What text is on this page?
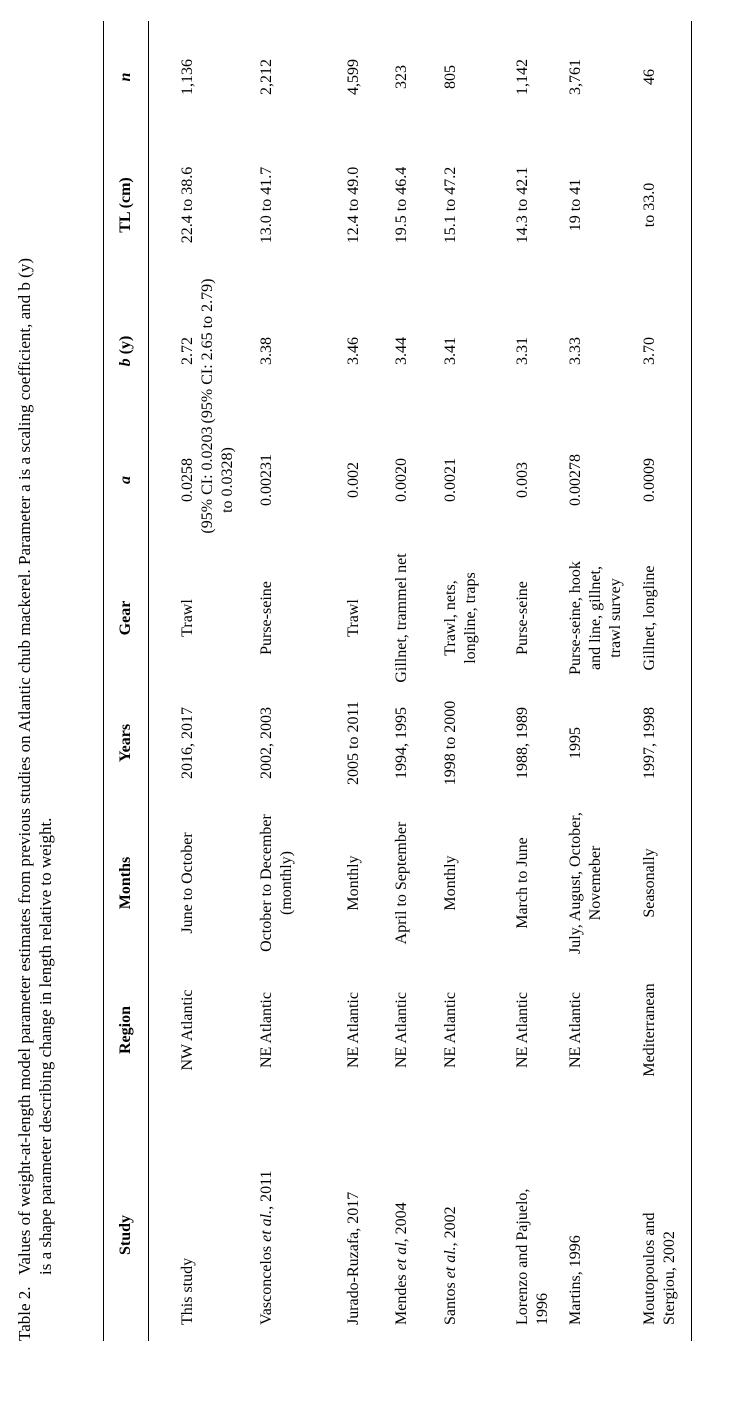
Table 2.Values of weight-at-length model parameter estimates from previous studies on Atlantic chub mackerel. Parameter a is a scaling coefficient, and b (y) is a shape parameter describing change in length relative to weight.	Study
Region
Months
Years
Gear
a
b (y)
TL (cm)
n
This study
NW Atlantic
June to October
2016, 2017
Trawl
0.0258 (95% CI: 0.0203 to 0.0328)
2.72 (95% CI: 2.65 to 2.79)
22.4 to 38.6
1,136
Vasconcelos et al., 2011
NE Atlantic
October to December (monthly)
2002, 2003
Purse-seine
0.00231
3.38
13.0 to 41.7
2,212
Jurado-Ruzafa, 2017
NE Atlantic
Monthly
2005 to 2011
Trawl
0.002
3.46
12.4 to 49.0
4,599
Mendes et al, 2004
NE Atlantic
April to September
1994, 1995
Gillnet, trammel net
0.0020
3.44
19.5 to 46.4
323
Santos et al., 2002
NE Atlantic
Monthly
1998 to 2000
Trawl, nets, longline, traps
0.0021
3.41
15.1 to 47.2
805
Lorenzo and Pajuelo, 1996
NE Atlantic
March to June
1988, 1989
Purse-seine
0.003
3.31
14.3 to 42.1
1,142
Martins, 1996
NE Atlantic
July, August, October, Novemeber
1995
Purse-seine, hook and line, gillnet, trawl survey
0.00278
3.33
19 to 41
3,761
Moutopoulos and Stergiou, 2002
Mediterranean
Seasonally
1997, 1998
Gillnet, longline
0.0009
3.70
to 33.0
46
